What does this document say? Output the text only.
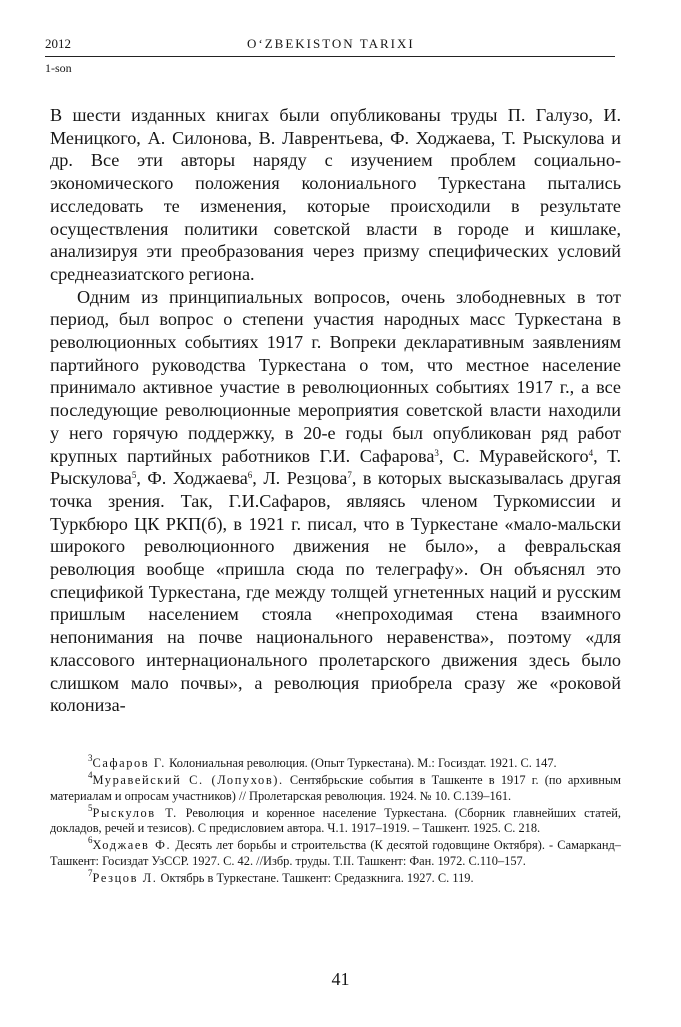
2012	O‘ZBEKISTON TARIXI
1-son

В шести изданных книгах были опубликованы труды П. Галузо, И. Меницкого, А. Силонова, В. Лаврентьева, Ф. Ходжаева, Т. Рыскулова и др. Все эти авторы наряду с изучением проблем социально-экономического положения колониального Туркестана пытались исследовать те изменения, которые происходили в результате осуществления политики советской власти в городе и кишлаке, анализируя эти преобразования через призму специфических условий среднеазиатского региона.

Одним из принципиальных вопросов, очень злободневных в тот период, был вопрос о степени участия народных масс Туркестана в революционных событиях 1917 г. Вопреки декларативным заявлениям партийного руководства Туркестана о том, что местное население принимало активное участие в революционных событиях 1917 г., а все последующие революционные мероприятия советской власти находили у него горячую поддержку, в 20-е годы был опубликован ряд работ крупных партийных работников Г.И. Сафарова$^3$, С. Муравейского$^4$, Т. Рыскулова$^5$, Ф. Ходжаева$^6$, Л. Резцова$^7$, в которых высказывалась другая точка зрения. Так, Г.И.Сафаров, являясь членом Туркомиссии и Туркбюро ЦК РКП(б), в 1921 г. писал, что в Туркестане «мало-мальски широкого революционного движения не было», а февральская революция вообще «пришла сюда по телеграфу». Он объяснял это спецификой Туркестана, где между толщей угнетенных наций и русским пришлым населением стояла «непроходимая стена взаимного непонимания на почве национального неравенства», поэтому «для классового интернационального пролетарского движения здесь было слишком мало почвы», а революция приобрела сразу же «роковой колониза-

$^3$Сафаров Г. Колониальная революция. (Опыт Туркестана). М.: Госиздат. 1921. С. 147.

$^4$Муравейский С. (Лопухов). Сентябрьские события в Ташкенте в 1917 г. (по архивным материалам и опросам участников) // Пролетарская революция. 1924. № 10. С.139–161.

$^5$Рыскулов Т. Революция и коренное население Туркестана. (Сборник главнейших статей, докладов, речей и тезисов). С предисловием автора. Ч.1. 1917–1919. – Ташкент. 1925. С. 218.

$^6$Ходжаев Ф. Десять лет борьбы и строительства (К десятой годовщине Октября). - Самарканд–Ташкент: Госиздат УзССР. 1927. С. 42. //Избр. труды. Т.II. Ташкент: Фан. 1972. С.110–157.

$^7$Резцов Л. Октябрь в Туркестане. Ташкент: Средазкнига. 1927. С. 119.

41
